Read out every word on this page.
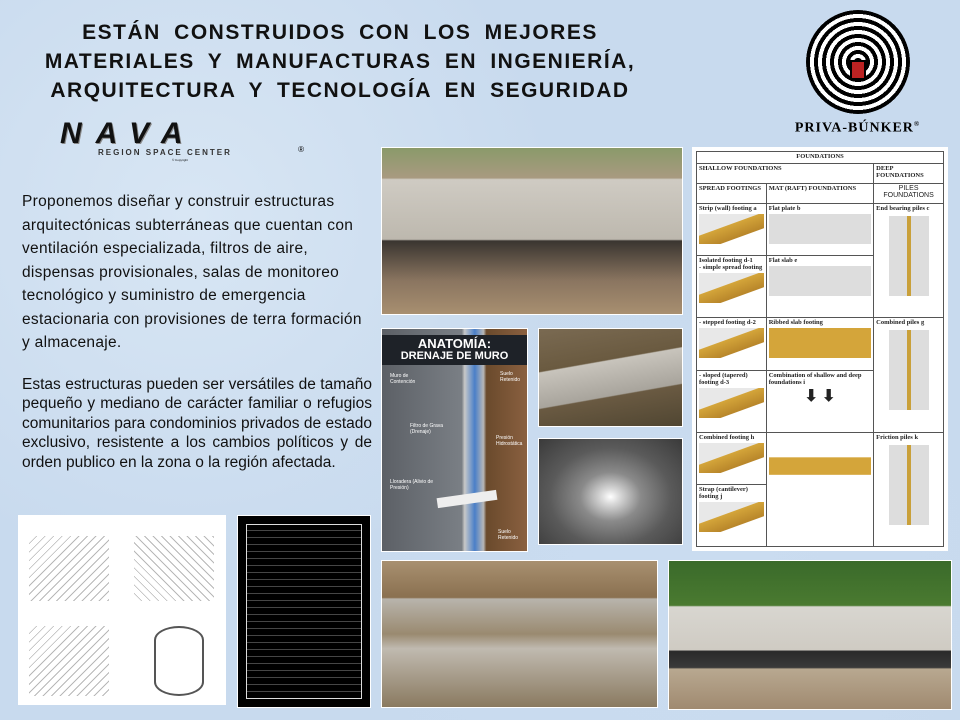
ESTÁN CONSTRUIDOS CON LOS MEJORES
MATERIALES Y MANUFACTURAS EN INGENIERÍA,
ARQUITECTURA Y TECNOLOGÍA EN SEGURIDAD
NAVA
REGION SPACE CENTER	®
© Copyright
PRIVA-BÚNKER®

Proponemos diseñar y construir estructuras arquitectónicas subterráneas que cuentan con ventilación especializada, filtros de aire, dispensas provisionales, salas de monitoreo tecnológico y suministro de emergencia estacionaria con provisiones de terra formación y almacenaje.

Estas estructuras pueden ser versátiles de tamaño pequeño y mediano de carácter familiar o refugios comunitarios para condominios privados de estado exclusivo, resistente a los cambios políticos y de orden publico en la zona o la región afectada.

ANATOMÍA:
DRENAJE DE MURO
Muro de Contención
Suelo Retenido
Filtro de Grava (Drenaje)
Presión Hidrostática
Lloradera (Alivio de Presión)
Suelo Retenido
FOUNDATIONS		
SHALLOW FOUNDATIONS		DEEP FOUNDATIONS
SPREAD FOOTINGS	MAT (RAFT) FOUNDATIONS	PILES FOUNDATIONS
Strip (wall) footing a	Flat plate b	End bearing piles c

Isolated footing d-1
- simple spread footing	Flat slab e	

- stepped footing d-2	Ribbed slab footing	Combined piles g

- sloped (tapered) footing d-3	Combination of shallow and deep foundations i
⬇ ⬇	

Combined footing h		Friction piles k

Strap (cantilever) footing j		
